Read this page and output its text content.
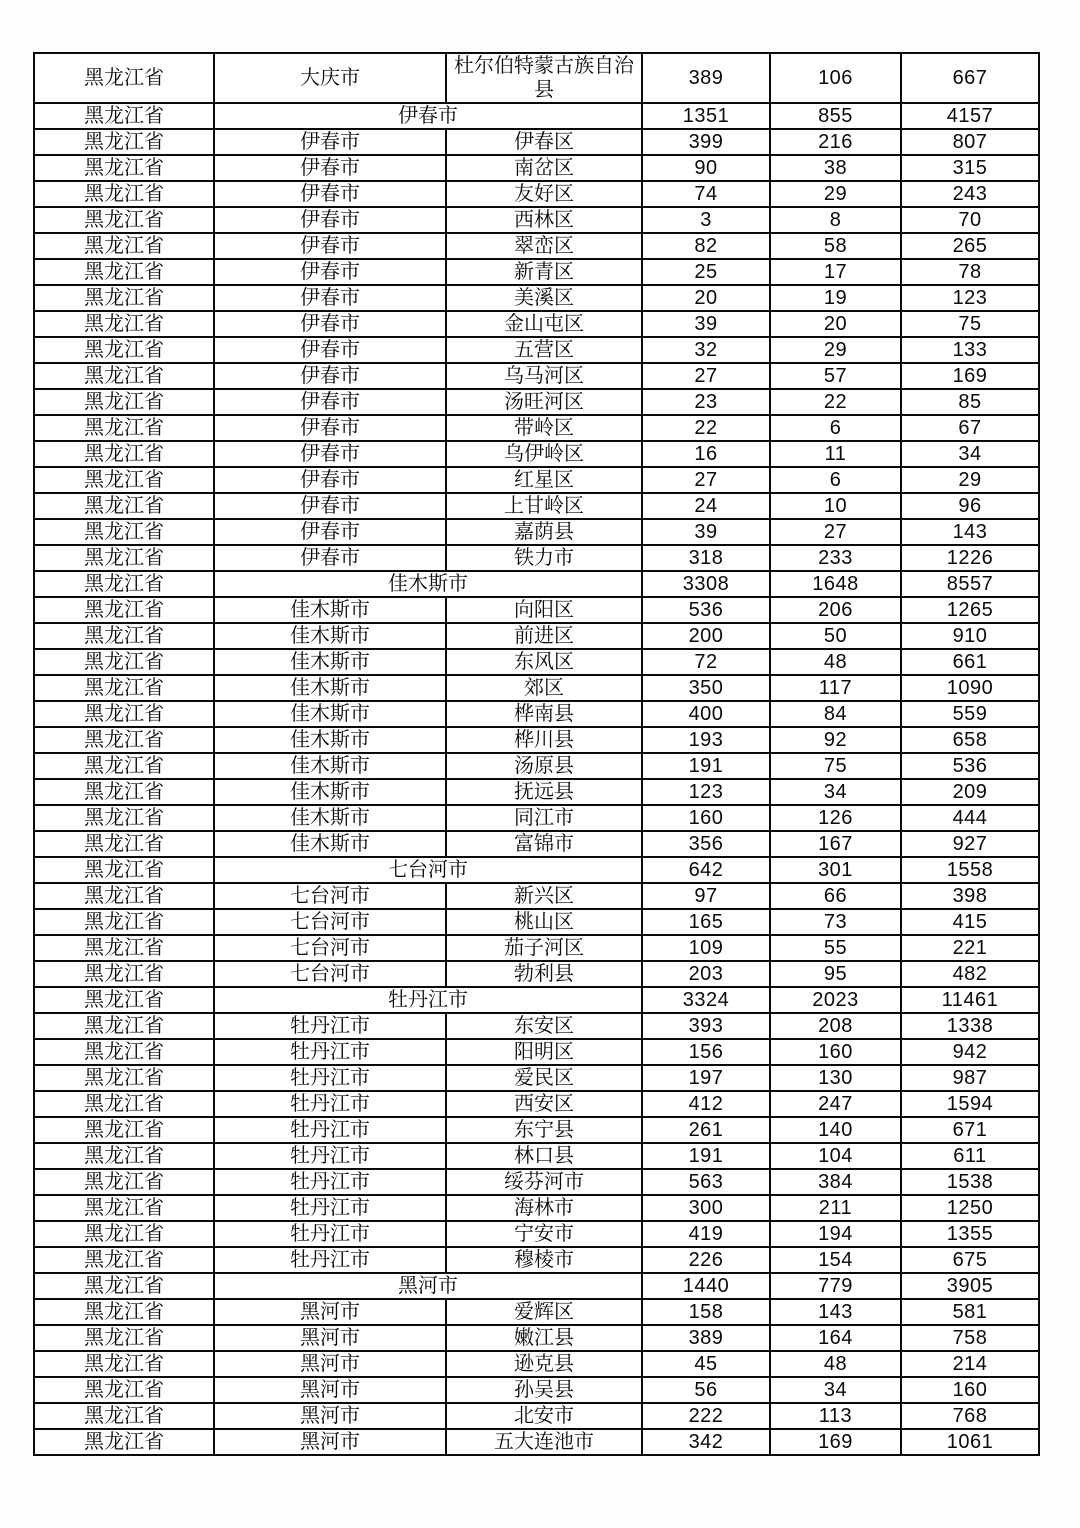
黑龙江省	大庆市	杜尔伯特蒙古族自治县	389	106	667
黑龙江省	伊春市		1351	855	4157
黑龙江省	伊春市	伊春区	399	216	807
黑龙江省	伊春市	南岔区	90	38	315
黑龙江省	伊春市	友好区	74	29	243
黑龙江省	伊春市	西林区	3	8	70
黑龙江省	伊春市	翠峦区	82	58	265
黑龙江省	伊春市	新青区	25	17	78
黑龙江省	伊春市	美溪区	20	19	123
黑龙江省	伊春市	金山屯区	39	20	75
黑龙江省	伊春市	五营区	32	29	133
黑龙江省	伊春市	乌马河区	27	57	169
黑龙江省	伊春市	汤旺河区	23	22	85
黑龙江省	伊春市	带岭区	22	6	67
黑龙江省	伊春市	乌伊岭区	16	11	34
黑龙江省	伊春市	红星区	27	6	29
黑龙江省	伊春市	上甘岭区	24	10	96
黑龙江省	伊春市	嘉荫县	39	27	143
黑龙江省	伊春市	铁力市	318	233	1226
黑龙江省	佳木斯市		3308	1648	8557
黑龙江省	佳木斯市	向阳区	536	206	1265
黑龙江省	佳木斯市	前进区	200	50	910
黑龙江省	佳木斯市	东风区	72	48	661
黑龙江省	佳木斯市	郊区	350	117	1090
黑龙江省	佳木斯市	桦南县	400	84	559
黑龙江省	佳木斯市	桦川县	193	92	658
黑龙江省	佳木斯市	汤原县	191	75	536
黑龙江省	佳木斯市	抚远县	123	34	209
黑龙江省	佳木斯市	同江市	160	126	444
黑龙江省	佳木斯市	富锦市	356	167	927
黑龙江省	七台河市		642	301	1558
黑龙江省	七台河市	新兴区	97	66	398
黑龙江省	七台河市	桃山区	165	73	415
黑龙江省	七台河市	茄子河区	109	55	221
黑龙江省	七台河市	勃利县	203	95	482
黑龙江省	牡丹江市		3324	2023	11461
黑龙江省	牡丹江市	东安区	393	208	1338
黑龙江省	牡丹江市	阳明区	156	160	942
黑龙江省	牡丹江市	爱民区	197	130	987
黑龙江省	牡丹江市	西安区	412	247	1594
黑龙江省	牡丹江市	东宁县	261	140	671
黑龙江省	牡丹江市	林口县	191	104	611
黑龙江省	牡丹江市	绥芬河市	563	384	1538
黑龙江省	牡丹江市	海林市	300	211	1250
黑龙江省	牡丹江市	宁安市	419	194	1355
黑龙江省	牡丹江市	穆棱市	226	154	675
黑龙江省	黑河市		1440	779	3905
黑龙江省	黑河市	爱辉区	158	143	581
黑龙江省	黑河市	嫩江县	389	164	758
黑龙江省	黑河市	逊克县	45	48	214
黑龙江省	黑河市	孙吴县	56	34	160
黑龙江省	黑河市	北安市	222	113	768
黑龙江省	黑河市	五大连池市	342	169	1061
